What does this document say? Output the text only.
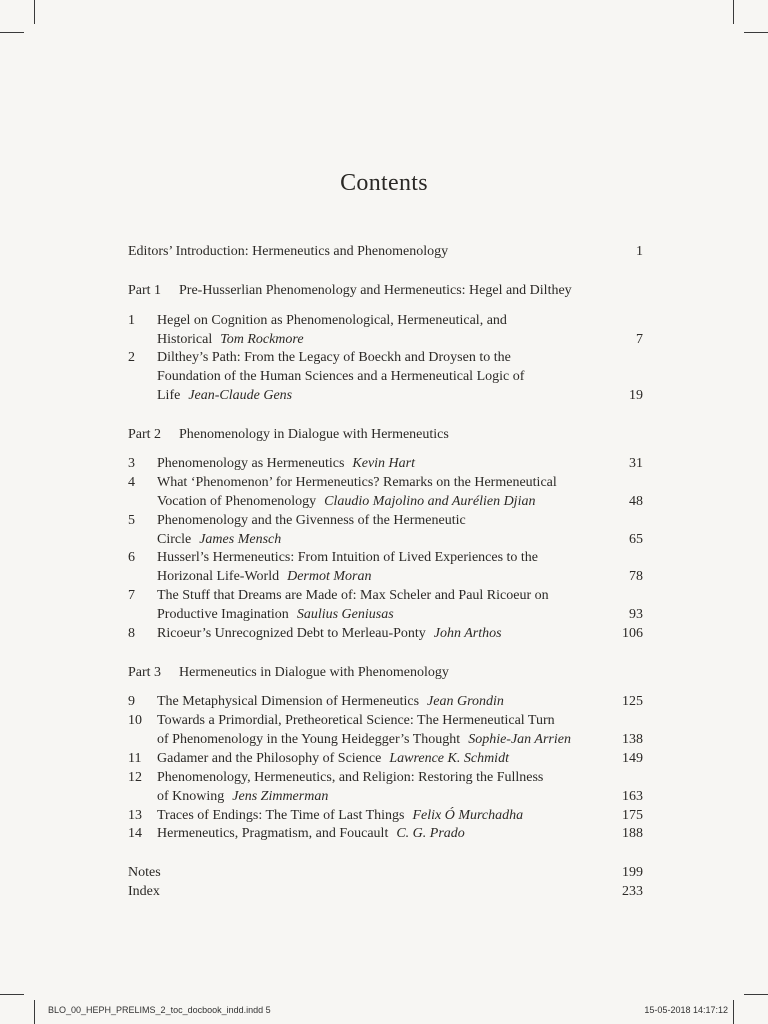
Contents
Editors’ Introduction: Hermeneutics and Phenomenology	1
Part 1 Pre-Husserlian Phenomenology and Hermeneutics: Hegel and Dilthey
1 Hegel on Cognition as Phenomenological, Hermeneutical, and
Historical Tom Rockmore	7
2 Dilthey’s Path: From the Legacy of Boeckh and Droysen to the
Foundation of the Human Sciences and a Hermeneutical Logic of
Life Jean-Claude Gens	19
Part 2 Phenomenology in Dialogue with Hermeneutics
3 Phenomenology as Hermeneutics Kevin Hart	31
4 What ‘Phenomenon’ for Hermeneutics? Remarks on the Hermeneutical
Vocation of Phenomenology Claudio Majolino and Aurélien Djian	48
5 Phenomenology and the Givenness of the Hermeneutic
Circle James Mensch	65
6 Husserl’s Hermeneutics: From Intuition of Lived Experiences to the
Horizonal Life-World Dermot Moran	78
7 The Stuff that Dreams are Made of: Max Scheler and Paul Ricoeur on
Productive Imagination Saulius Geniusas	93
8 Ricoeur’s Unrecognized Debt to Merleau-Ponty John Arthos	106
Part 3 Hermeneutics in Dialogue with Phenomenology
9 The Metaphysical Dimension of Hermeneutics Jean Grondin	125
10 Towards a Primordial, Pretheoretical Science: The Hermeneutical Turn
of Phenomenology in the Young Heidegger’s Thought Sophie-Jan Arrien	138
11 Gadamer and the Philosophy of Science Lawrence K. Schmidt	149
12 Phenomenology, Hermeneutics, and Religion: Restoring the Fullness
of Knowing Jens Zimmerman	163
13 Traces of Endings: The Time of Last Things Felix Ó Murchadha	175
14 Hermeneutics, Pragmatism, and Foucault C. G. Prado	188
Notes	199
Index	233
BLO_00_HEPH_PRELIMS_2_toc_docbook_indd.indd 5	15-05-2018 14:17:12
